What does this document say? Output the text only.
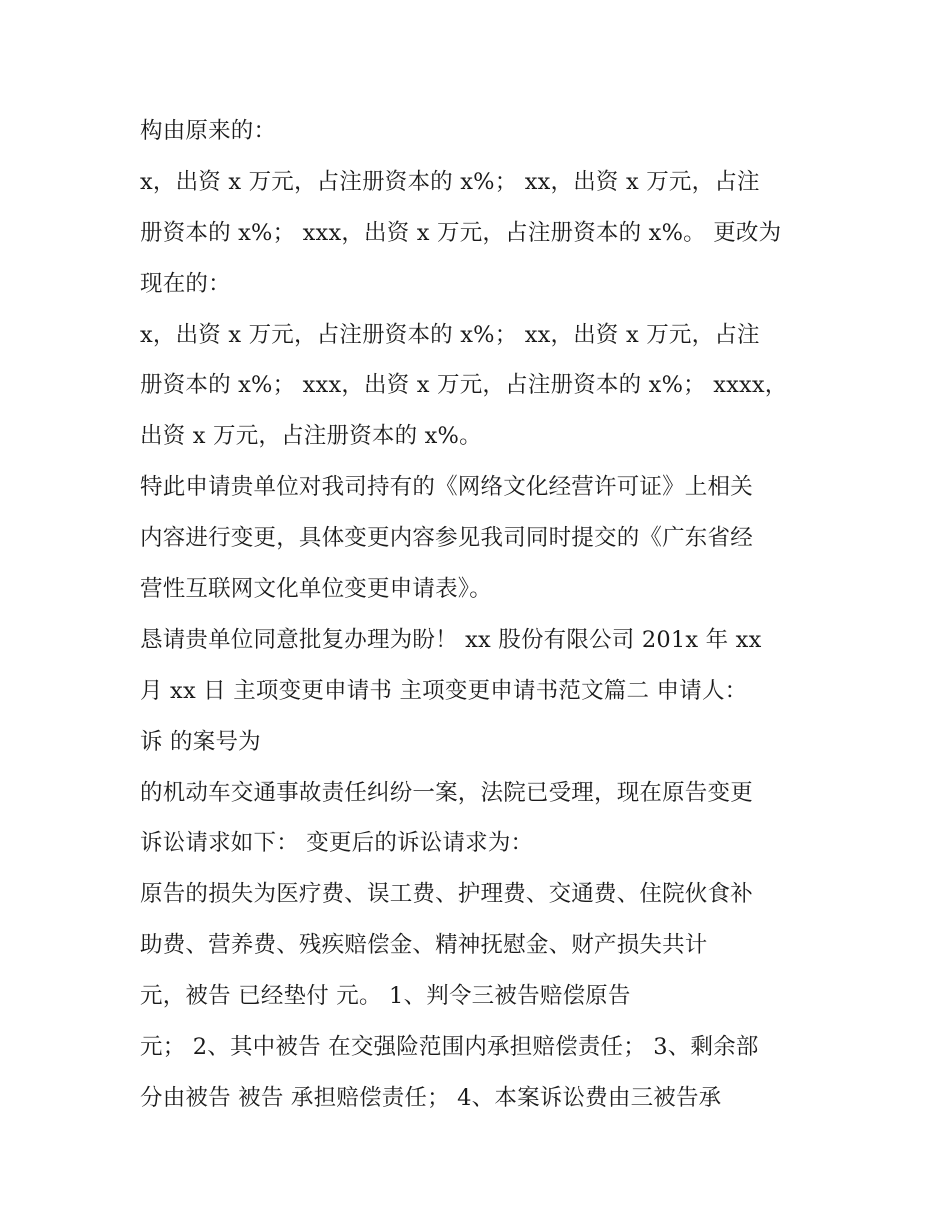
构由原来的：
x，出资 x 万元，占注册资本的 x%； xx，出资 x 万元，占注
册资本的 x%； xxx，出资 x 万元，占注册资本的 x%。 更改为
现在的：
x，出资 x 万元，占注册资本的 x%； xx，出资 x 万元，占注
册资本的 x%； xxx，出资 x 万元，占注册资本的 x%； xxxx，
出资 x 万元，占注册资本的 x%。
特此申请贵单位对我司持有的《网络文化经营许可证》上相关
内容进行变更，具体变更内容参见我司同时提交的《广东省经
营性互联网文化单位变更申请表》。
恳请贵单位同意批复办理为盼！ xx 股份有限公司 201x 年 xx
月 xx 日 主项变更申请书 主项变更申请书范文篇二 申请人：
诉 的案号为
的机动车交通事故责任纠纷一案，法院已受理，现在原告变更
诉讼请求如下： 变更后的诉讼请求为：
原告的损失为医疗费、误工费、护理费、交通费、住院伙食补
助费、营养费、残疾赔偿金、精神抚慰金、财产损失共计
元，被告 已经垫付 元。 1、判令三被告赔偿原告
元； 2、其中被告 在交强险范围内承担赔偿责任； 3、剩余部
分由被告 被告 承担赔偿责任； 4、本案诉讼费由三被告承
